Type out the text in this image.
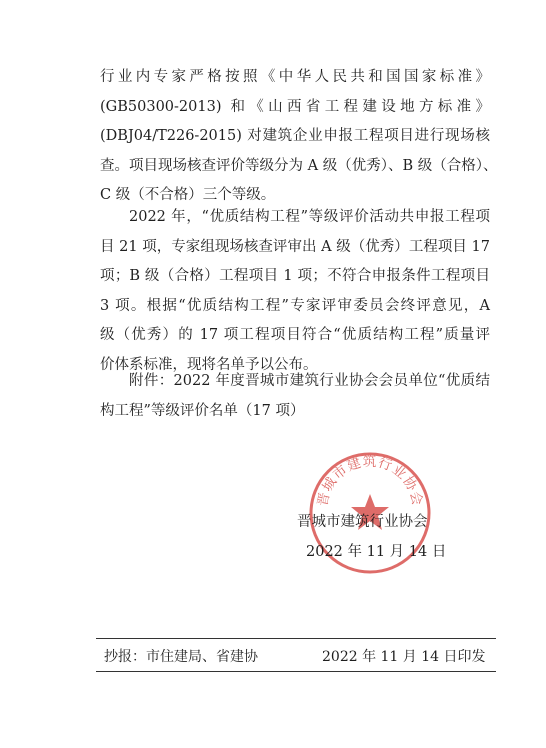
行业内专家严格按照《中华人民共和国国家标准》
(GB50300-2013) 和《山西省工程建设地方标准》
(DBJ04/T226-2015) 对建筑企业申报工程项目进行现场核
查。项目现场核查评价等级分为 A 级（优秀）、B 级（合格）、
C 级（不合格）三个等级。

2022 年，“优质结构工程”等级评价活动共申报工程项
目 21 项，专家组现场核查评审出 A 级（优秀）工程项目 17
项；B 级（合格）工程项目 1 项；不符合申报条件工程项目
3 项。根据“优质结构工程”专家评审委员会终评意见，A
级（优秀）的 17 项工程项目符合“优质结构工程”质量评
价体系标准，现将名单予以公布。

附件：2022 年度晋城市建筑行业协会会员单位“优质结
构工程”等级评价名单（17 项）

晋城市建筑行业协会
晋城市建筑行业协会
2022 年 11 月 14 日
抄报：市住建局、省建协	2022 年 11 月 14 日印发
